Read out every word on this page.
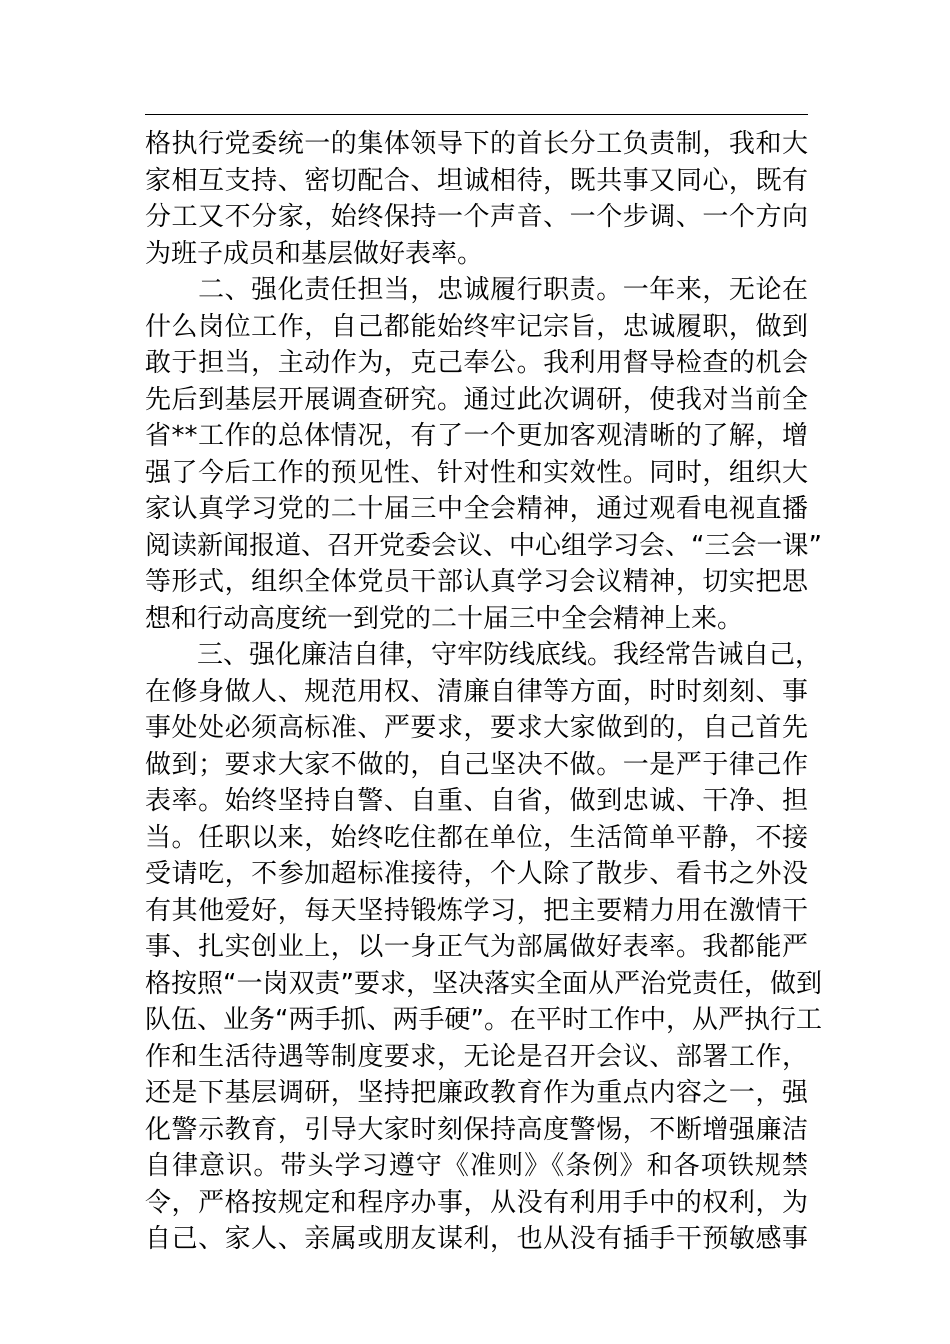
格执行党委统一的集体领导下的首长分工负责制，我和大
家相互支持、密切配合、坦诚相待，既共事又同心，既有
分工又不分家，始终保持一个声音、一个步调、一个方向
为班子成员和基层做好表率。
　　二、强化责任担当，忠诚履行职责。一年来，无论在
什么岗位工作，自己都能始终牢记宗旨，忠诚履职，做到
敢于担当，主动作为，克己奉公。我利用督导检查的机会
先后到基层开展调查研究。通过此次调研，使我对当前全
省**工作的总体情况，有了一个更加客观清晰的了解，增
强了今后工作的预见性、针对性和实效性。同时，组织大
家认真学习党的二十届三中全会精神，通过观看电视直播
阅读新闻报道、召开党委会议、中心组学习会、“三会一课”
等形式，组织全体党员干部认真学习会议精神，切实把思
想和行动高度统一到党的二十届三中全会精神上来。
　　三、强化廉洁自律，守牢防线底线。我经常告诫自己，
在修身做人、规范用权、清廉自律等方面，时时刻刻、事
事处处必须高标准、严要求，要求大家做到的，自己首先
做到；要求大家不做的，自己坚决不做。一是严于律己作
表率。始终坚持自警、自重、自省，做到忠诚、干净、担
当。任职以来，始终吃住都在单位，生活简单平静，不接
受请吃，不参加超标准接待，个人除了散步、看书之外没
有其他爱好，每天坚持锻炼学习，把主要精力用在激情干
事、扎实创业上，以一身正气为部属做好表率。我都能严
格按照“一岗双责”要求，坚决落实全面从严治党责任，做到
队伍、业务“两手抓、两手硬”。在平时工作中，从严执行工
作和生活待遇等制度要求，无论是召开会议、部署工作，
还是下基层调研，坚持把廉政教育作为重点内容之一，强
化警示教育，引导大家时刻保持高度警惕，不断增强廉洁
自律意识。带头学习遵守《准则》《条例》和各项铁规禁
令，严格按规定和程序办事，从没有利用手中的权利，为
自己、家人、亲属或朋友谋利，也从没有插手干预敏感事
